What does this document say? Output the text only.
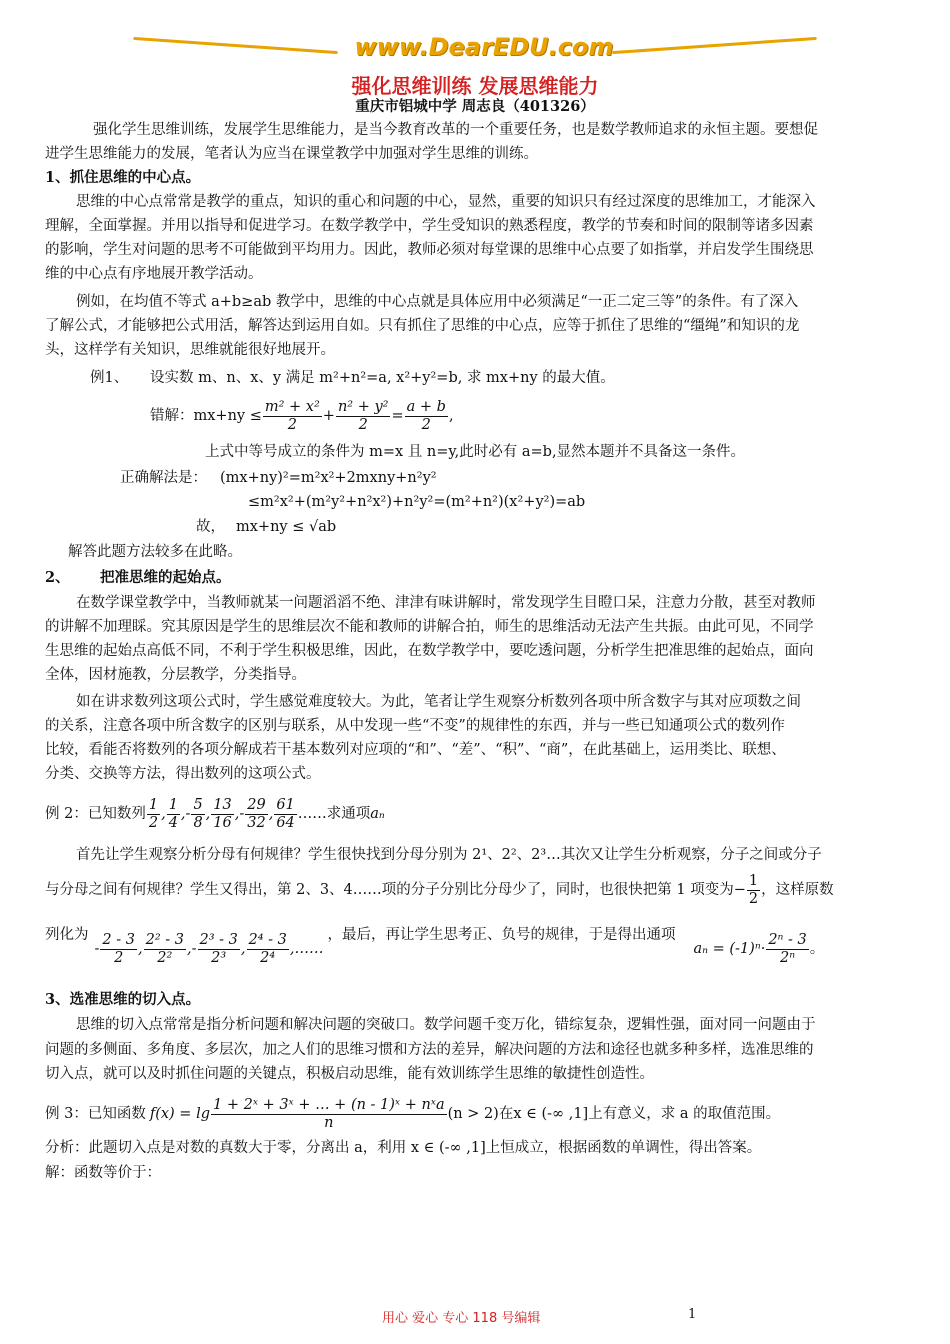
www.DearEDU.com
强化思维训练 发展思维能力
重庆市铝城中学 周志良（401326）
强化学生思维训练，发展学生思维能力，是当今教育改革的一个重要任务，也是数学教师追求的永恒主题。要想促
进学生思维能力的发展，笔者认为应当在课堂教学中加强对学生思维的训练。
1、抓住思维的中心点。
思维的中心点常常是教学的重点，知识的重心和问题的中心，显然，重要的知识只有经过深度的思维加工，才能深入
理解，全面掌握。并用以指导和促进学习。在数学教学中，学生受知识的熟悉程度，教学的节奏和时间的限制等诸多因素
的影响，学生对问题的思考不可能做到平均用力。因此，教师必须对每堂课的思维中心点要了如指掌，并启发学生围绕思
维的中心点有序地展开教学活动。
例如，在均值不等式 a+b≥ab 教学中，思维的中心点就是具体应用中必须满足“一正二定三等”的条件。有了深入
了解公式，才能够把公式用活，解答达到运用自如。只有抓住了思维的中心点，应等于抓住了思维的“缰绳”和知识的龙
头，这样学有关知识，思维就能很好地展开。
例1、 设实数 m、n、x、y 满足 m²+n²=a, x²+y²=b, 求 mx+ny 的最大值。
错解：$mx+ny \le \frac{\text{m² + x²}}{2} + \frac{\text{n² + y²}}{2} = \frac{a + b}{2}$ ,
上式中等号成立的条件为 m=x 且 n=y,此时必有 a=b,显然本题并不具备这一条件。
正确解法是： (mx+ny)²=m²x²+2mxny+n²y²
≤m²x²+(m²y²+n²x²)+n²y²=(m²+n²)(x²+y²)=ab
故， mx+ny ≤ √ab
解答此题方法较多在此略。
2、 把准思维的起始点。
在数学课堂教学中，当教师就某一问题滔滔不绝、津津有味讲解时，常发现学生目瞪口呆，注意力分散，甚至对教师
的讲解不加理睬。究其原因是学生的思维层次不能和教师的讲解合拍，师生的思维活动无法产生共振。由此可见，不同学
生思维的起始点高低不同，不利于学生积极思维，因此，在数学教学中，要吃透问题，分析学生把准思维的起始点，面向
全体，因材施教，分层教学，分类指导。
如在讲求数列这项公式时，学生感觉难度较大。为此，笔者让学生观察分析数列各项中所含数字与其对应项数之间
的关系，注意各项中所含数字的区别与联系，从中发现一些“不变”的规律性的东西，并与一些已知通项公式的数列作
比较，看能否将数列的各项分解成若干基本数列对应项的“和”、“差”、“积”、“商”，在此基础上，运用类比、联想、
分类、交换等方法，得出数列的这项公式。
例 2：已知数列 $\frac{1}{2}$ , $\frac{1}{4}$ ,- $\frac{5}{8}$ , $\frac{13}{16}$ ,- $\frac{29}{32}$ , $\frac{61}{64}$ ……求通项 aₙ
首先让学生观察分析分母有何规律？学生很快找到分母分别为 2¹、2²、2³…其次又让学生分析观察，分子之间或分子
与分母之间有何规律？学生又得出，第 2、3、4……项的分子分别比分母少了，同时，也很快把第 1 项变为− $\frac{1}{2}$ ，这样原数
列化为
- $\frac{2 - 3}{2}$ , $\frac{\text{2² - 3}}{\text{2²}}$ ,- $\frac{\text{2³ - 3}}{\text{2³}}$ , $\frac{\text{2⁴ - 3}}{\text{2⁴}}$ ,……
，最后，再让学生思考正、负号的规律，于是得出通项
$a_n = (-1)^n\cdot \frac{\text{2ⁿ - 3}}{\text{2ⁿ}}$ 。
3、选准思维的切入点。
思维的切入点常常是指分析问题和解决问题的突破口。数学问题千变万化，错综复杂，逻辑性强，面对同一问题由于
问题的多侧面、多角度、多层次，加之人们的思维习惯和方法的差异，解决问题的方法和途径也就多种多样，选准思维的
切入点，就可以及时抓住问题的关键点，积极启动思维，能有效训练学生思维的敏捷性创造性。
例 3：已知函数 $f(x) = \lg \frac{\text{1 + 2ˣ + 3ˣ + … + (n - 1)ˣ + nˣa}}{n} (n > 2)$在x ∈ (-∞ ,1]上有意义，求 a 的取值范围。
分析：此题切入点是对数的真数大于零，分离出 a，利用 x ∈ (-∞ ,1]上恒成立，根据函数的单调性，得出答案。
解：函数等价于：
用心 爱心 专心 118 号编辑	1
